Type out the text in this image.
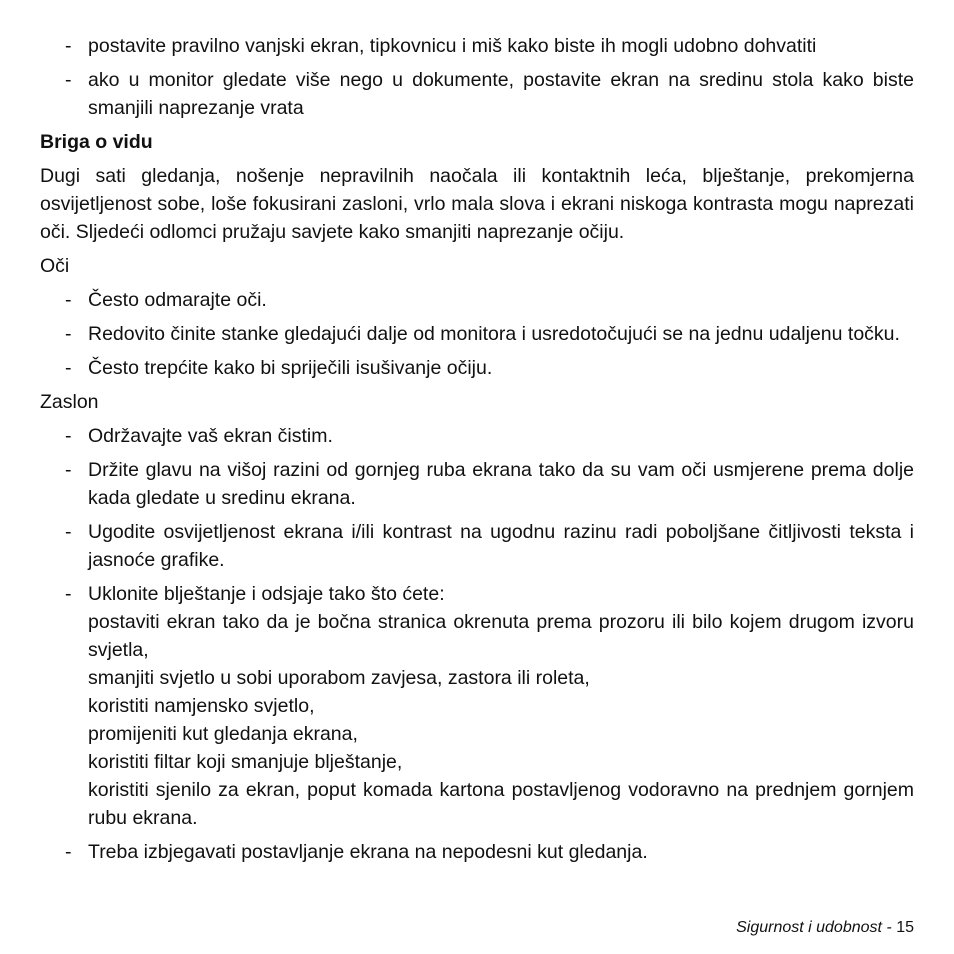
- postavite pravilno vanjski ekran, tipkovnicu i miš kako biste ih mogli udobno dohvatiti
- ako u monitor gledate više nego u dokumente, postavite ekran na sredinu stola kako biste smanjili naprezanje vrata
Briga o vidu
Dugi sati gledanja, nošenje nepravilnih naočala ili kontaktnih leća, blještanje, prekomjerna osvijetljenost sobe, loše fokusirani zasloni, vrlo mala slova i ekrani niskoga kontrasta mogu naprezati oči. Sljedeći odlomci pružaju savjete kako smanjiti naprezanje očiju.
Oči
- Često odmarajte oči.
- Redovito činite stanke gledajući dalje od monitora i usredotočujući se na jednu udaljenu točku.
- Često trepćite kako bi spriječili isušivanje očiju.
Zaslon
- Održavajte vaš ekran čistim.
- Držite glavu na višoj razini od gornjeg ruba ekrana tako da su vam oči usmjerene prema dolje kada gledate u sredinu ekrana.
- Ugodite osvijetljenost ekrana i/ili kontrast na ugodnu razinu radi poboljšane čitljivosti teksta i jasnoće grafike.
- Uklonite blještanje i odsjaje tako što ćete:
postaviti ekran tako da je bočna stranica okrenuta prema prozoru ili bilo kojem drugom izvoru svjetla,
smanjiti svjetlo u sobi uporabom zavjesa, zastora ili roleta,
koristiti namjensko svjetlo,
promijeniti kut gledanja ekrana,
koristiti filtar koji smanjuje blještanje,
koristiti sjenilo za ekran, poput komada kartona postavljenog vodoravno na prednjem gornjem rubu ekrana.
- Treba izbjegavati postavljanje ekrana na nepodesni kut gledanja.
Sigurnost i udobnost - 15
